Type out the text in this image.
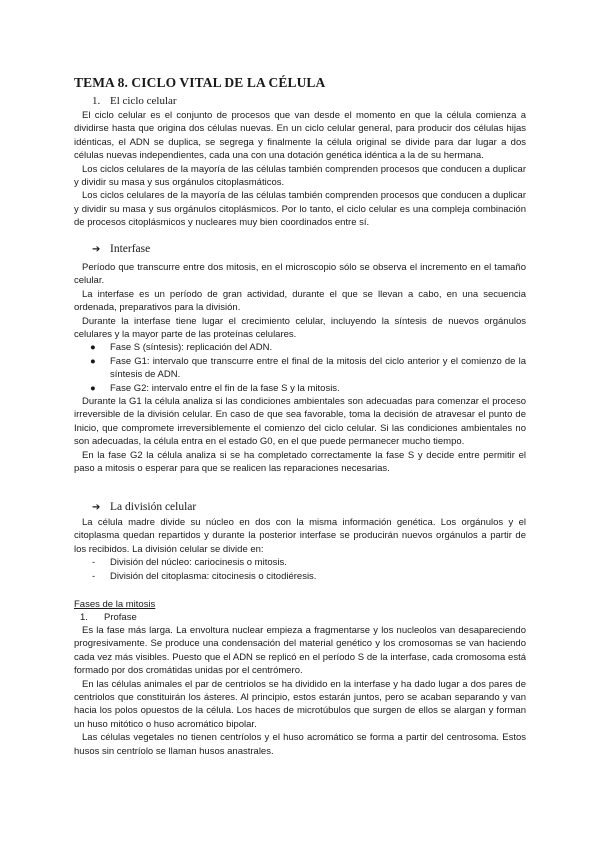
TEMA 8. CICLO VITAL DE LA CÉLULA
1. El ciclo celular

El ciclo celular es el conjunto de procesos que van desde el momento en que la célula comienza a dividirse hasta que origina dos células nuevas. En un ciclo celular general, para producir dos células hijas idénticas, el ADN se duplica, se segrega y finalmente la célula original se divide para dar lugar a dos células nuevas independientes, cada una con una dotación genética idéntica a la de su hermana.

Los ciclos celulares de la mayoría de las células también comprenden procesos que conducen a duplicar y dividir su masa y sus orgánulos citoplasmáticos.

Los ciclos celulares de la mayoría de las células también comprenden procesos que conducen a duplicar y dividir su masa y sus orgánulos citoplásmicos. Por lo tanto, el ciclo celular es una compleja combinación de procesos citoplásmicos y nucleares muy bien coordinados entre sí.

➔ Interfase

Período que transcurre entre dos mitosis, en el microscopio sólo se observa el incremento en el tamaño celular.

La interfase es un período de gran actividad, durante el que se llevan a cabo, en una secuencia ordenada, preparativos para la división.

Durante la interfase tiene lugar el crecimiento celular, incluyendo la síntesis de nuevos orgánulos celulares y la mayor parte de las proteínas celulares.

● Fase S (síntesis): replicación del ADN.
● Fase G1: intervalo que transcurre entre el final de la mitosis del ciclo anterior y el comienzo de la síntesis de ADN.
● Fase G2: intervalo entre el fin de la fase S y la mitosis.

Durante la G1 la célula analiza si las condiciones ambientales son adecuadas para comenzar el proceso irreversible de la división celular. En caso de que sea favorable, toma la decisión de atravesar el punto de Inicio, que compromete irreversiblemente el comienzo del ciclo celular. Si las condiciones ambientales no son adecuadas, la célula entra en el estado G0, en el que puede permanecer mucho tiempo.

En la fase G2 la célula analiza si se ha completado correctamente la fase S y decide entre permitir el paso a mitosis o esperar para que se realicen las reparaciones necesarias.

➔ La división celular

La célula madre divide su núcleo en dos con la misma información genética. Los orgánulos y el citoplasma quedan repartidos y durante la posterior interfase se producirán nuevos orgánulos a partir de los recibidos. La división celular se divide en:

- División del núcleo: cariocinesis o mitosis.
- División del citoplasma: citocinesis o citodiéresis.
Fases de la mitosis
1. Profase

Es la fase más larga. La envoltura nuclear empieza a fragmentarse y los nucleolos van desapareciendo progresivamente. Se produce una condensación del material genético y los cromosomas se van haciendo cada vez más visibles. Puesto que el ADN se replicó en el período S de la interfase, cada cromosoma está formado por dos cromátidas unidas por el centrómero.

En las células animales el par de centriolos se ha dividido en la interfase y ha dado lugar a dos pares de centriolos que constituirán los ásteres. Al principio, estos estarán juntos, pero se acaban separando y van hacia los polos opuestos de la célula. Los haces de microtúbulos que surgen de ellos se alargan y forman un huso mitótico o huso acromático bipolar.

Las células vegetales no tienen centríolos y el huso acromático se forma a partir del centrosoma. Estos husos sin centríolo se llaman husos anastrales.
